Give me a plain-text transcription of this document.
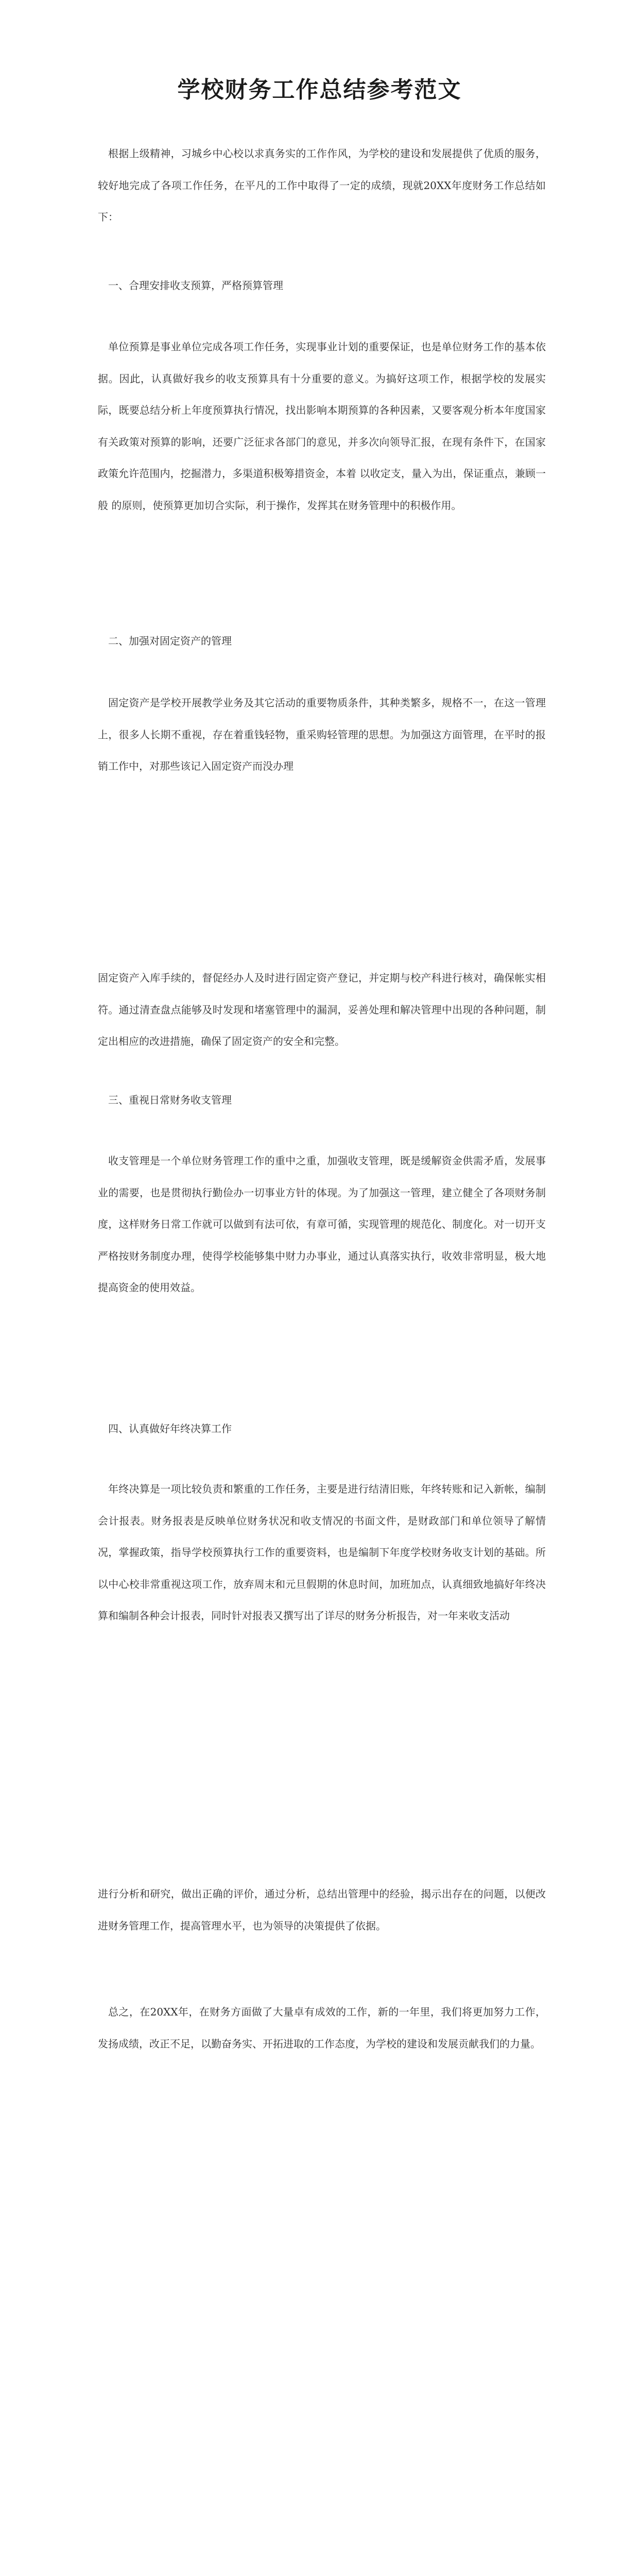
学校财务工作总结参考范文

根据上级精神，习城乡中心校以求真务实的工作作风，为学校的建设和发展提供了优质的服务，较好地完成了各项工作任务，在平凡的工作中取得了一定的成绩，现就20XX年度财务工作总结如下：

一、合理安排收支预算，严格预算管理

单位预算是事业单位完成各项工作任务，实现事业计划的重要保证，也是单位财务工作的基本依据。因此，认真做好我乡的收支预算具有十分重要的意义。为搞好这项工作，根据学校的发展实际，既要总结分析上年度预算执行情况，找出影响本期预算的各种因素，又要客观分析本年度国家有关政策对预算的影响，还要广泛征求各部门的意见，并多次向领导汇报，在现有条件下，在国家政策允许范围内，挖掘潜力，多渠道积极筹措资金，本着 以收定支，量入为出，保证重点，兼顾一般 的原则，使预算更加切合实际，利于操作，发挥其在财务管理中的积极作用。

二、加强对固定资产的管理

固定资产是学校开展教学业务及其它活动的重要物质条件，其种类繁多，规格不一，在这一管理上，很多人长期不重视，存在着重钱轻物，重采购轻管理的思想。为加强这方面管理，在平时的报销工作中，对那些该记入固定资产而没办理

固定资产入库手续的，督促经办人及时进行固定资产登记，并定期与校产科进行核对，确保帐实相符。通过清查盘点能够及时发现和堵塞管理中的漏洞，妥善处理和解决管理中出现的各种问题，制定出相应的改进措施，确保了固定资产的安全和完整。

三、重视日常财务收支管理

收支管理是一个单位财务管理工作的重中之重，加强收支管理，既是缓解资金供需矛盾，发展事业的需要，也是贯彻执行勤俭办一切事业方针的体现。为了加强这一管理，建立健全了各项财务制度，这样财务日常工作就可以做到有法可依，有章可循，实现管理的规范化、制度化。对一切开支严格按财务制度办理，使得学校能够集中财力办事业，通过认真落实执行，收效非常明显，极大地提高资金的使用效益。

四、认真做好年终决算工作

年终决算是一项比较负责和繁重的工作任务，主要是进行结清旧账，年终转账和记入新帐，编制会计报表。财务报表是反映单位财务状况和收支情况的书面文件，是财政部门和单位领导了解情况，掌握政策，指导学校预算执行工作的重要资料，也是编制下年度学校财务收支计划的基础。所以中心校非常重视这项工作，放弃周末和元旦假期的休息时间，加班加点，认真细致地搞好年终决算和编制各种会计报表，同时针对报表又撰写出了详尽的财务分析报告，对一年来收支活动

进行分析和研究，做出正确的评价，通过分析，总结出管理中的经验，揭示出存在的问题，以便改进财务管理工作，提高管理水平，也为领导的决策提供了依据。

总之，在20XX年，在财务方面做了大量卓有成效的工作，新的一年里，我们将更加努力工作，发扬成绩，改正不足，以勤奋务实、开拓进取的工作态度，为学校的建设和发展贡献我们的力量。
